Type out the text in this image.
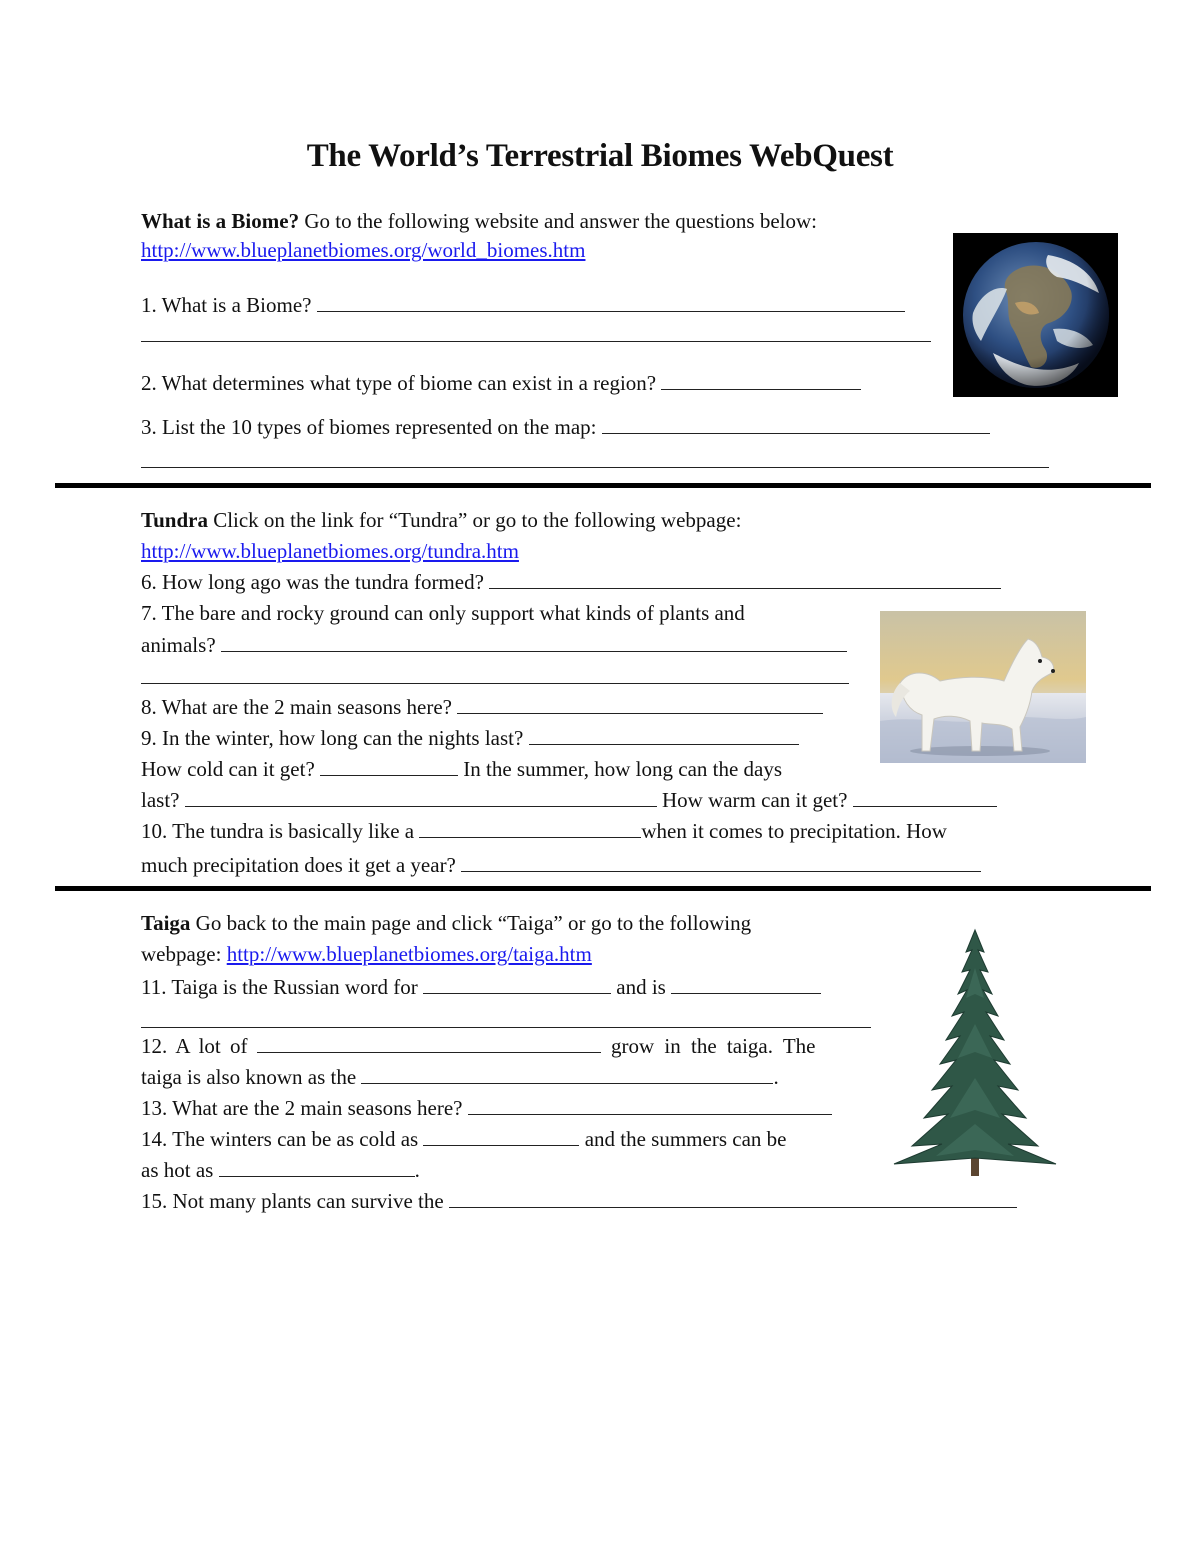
The World’s Terrestrial Biomes WebQuest
What is a Biome? Go to the following website and answer the questions below:
http://www.blueplanetbiomes.org/world_biomes.htm
1. What is a Biome?
2. What determines what type of biome can exist in a region?
3. List the 10 types of biomes represented on the map:
Tundra Click on the link for “Tundra” or go to the following webpage:
http://www.blueplanetbiomes.org/tundra.htm
6. How long ago was the tundra formed?
7. The bare and rocky ground can only support what kinds of plants and
animals?
8. What are the 2 main seasons here?
9. In the winter, how long can the nights last?
How cold can it get?	In the summer, how long can the days
last?	How warm can it get?
10. The tundra is basically like a	when it comes to precipitation. How
much precipitation does it get a year?
Taiga Go back to the main page and click “Taiga” or go to the following
webpage: http://www.blueplanetbiomes.org/taiga.htm
11. Taiga is the Russian word for	and is
12. A lot of	grow in the taiga. The
taiga is also known as the	.
13. What are the 2 main seasons here?
14. The winters can be as cold as	and the summers can be
as hot as	.
15. Not many plants can survive the
